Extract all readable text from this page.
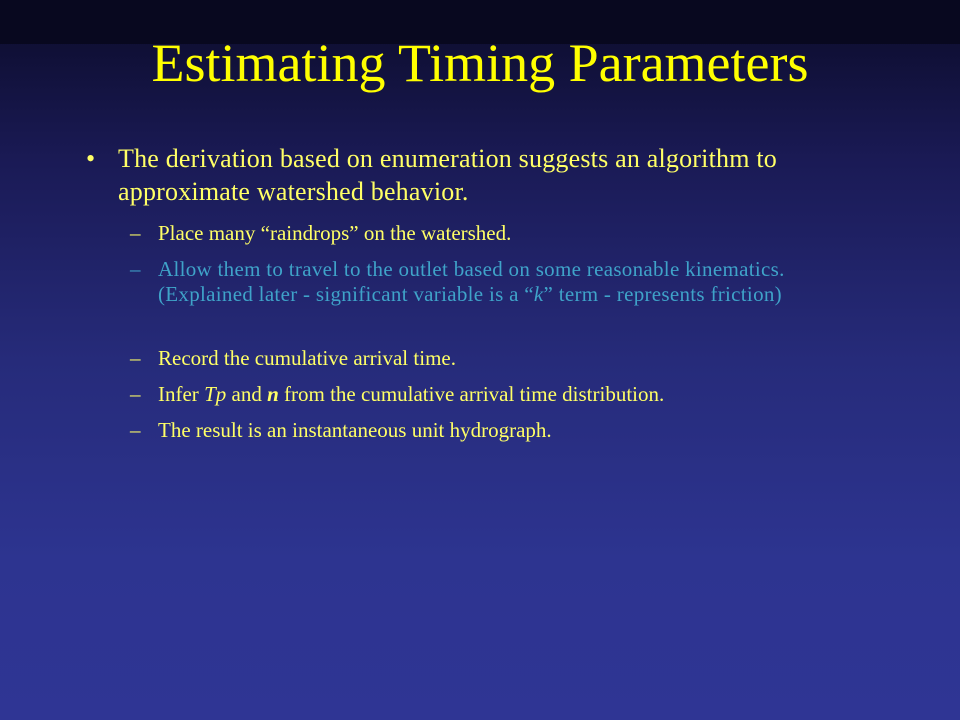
Estimating Timing Parameters
• The derivation based on enumeration suggests an algorithm to approximate watershed behavior.
– Place many “raindrops” on the watershed.
– Allow them to travel to the outlet based on some reasonable kinematics. (Explained later - significant variable is a “k” term - represents friction)
– Record the cumulative arrival time.
– Infer Tp and n from the cumulative arrival time distribution.
– The result is an instantaneous unit hydrograph.
